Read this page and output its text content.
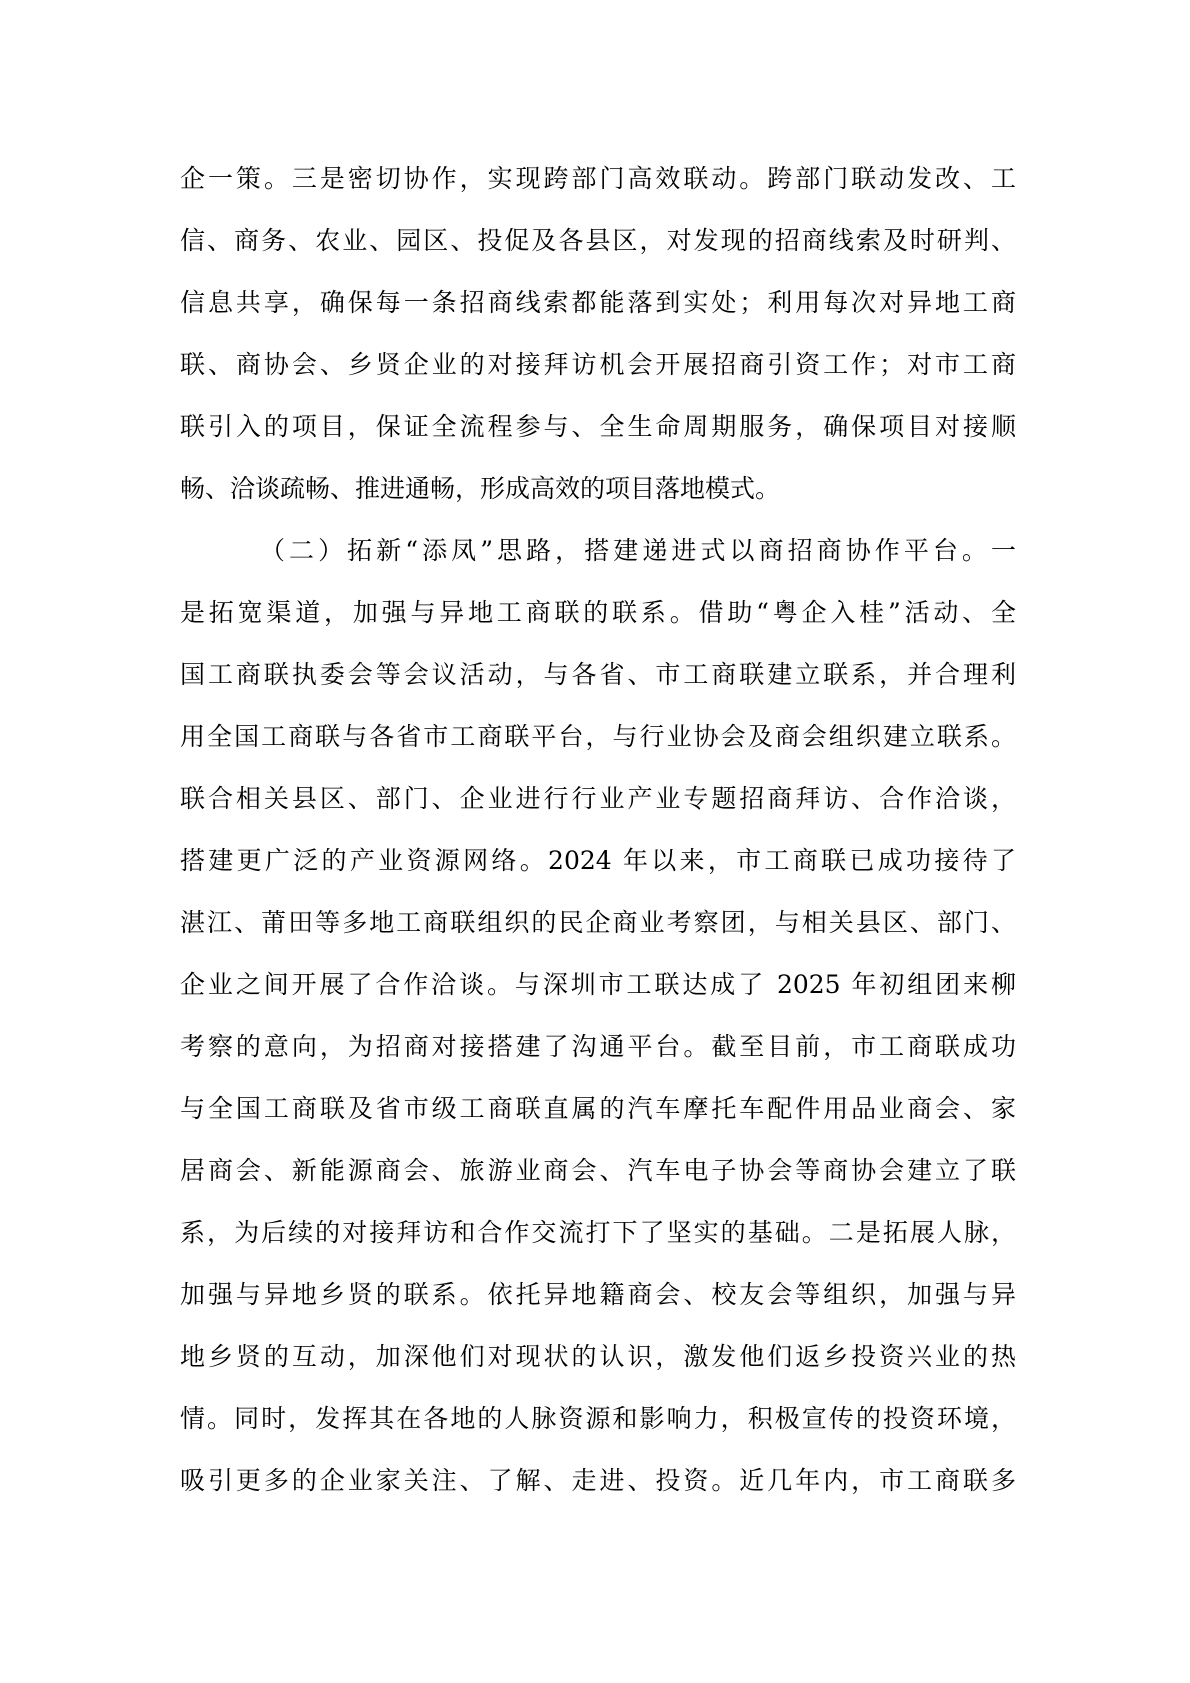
企一策。三是密切协作，实现跨部门高效联动。跨部门联动发改、工
信、商务、农业、园区、投促及各县区，对发现的招商线索及时研判、
信息共享，确保每一条招商线索都能落到实处；利用每次对异地工商
联、商协会、乡贤企业的对接拜访机会开展招商引资工作；对市工商
联引入的项目，保证全流程参与、全生命周期服务，确保项目对接顺
畅、洽谈疏畅、推进通畅，形成高效的项目落地模式。
（二）拓新“添凤”思路，搭建递进式以商招商协作平台。一
是拓宽渠道，加强与异地工商联的联系。借助“粤企入桂”活动、全
国工商联执委会等会议活动，与各省、市工商联建立联系，并合理利
用全国工商联与各省市工商联平台，与行业协会及商会组织建立联系。
联合相关县区、部门、企业进行行业产业专题招商拜访、合作洽谈，
搭建更广泛的产业资源网络。2024 年以来，市工商联已成功接待了
湛江、莆田等多地工商联组织的民企商业考察团，与相关县区、部门、
企业之间开展了合作洽谈。与深圳市工联达成了 2025 年初组团来柳
考察的意向，为招商对接搭建了沟通平台。截至目前，市工商联成功
与全国工商联及省市级工商联直属的汽车摩托车配件用品业商会、家
居商会、新能源商会、旅游业商会、汽车电子协会等商协会建立了联
系，为后续的对接拜访和合作交流打下了坚实的基础。二是拓展人脉，
加强与异地乡贤的联系。依托异地籍商会、校友会等组织，加强与异
地乡贤的互动，加深他们对现状的认识，激发他们返乡投资兴业的热
情。同时，发挥其在各地的人脉资源和影响力，积极宣传的投资环境，
吸引更多的企业家关注、了解、走进、投资。近几年内，市工商联多
